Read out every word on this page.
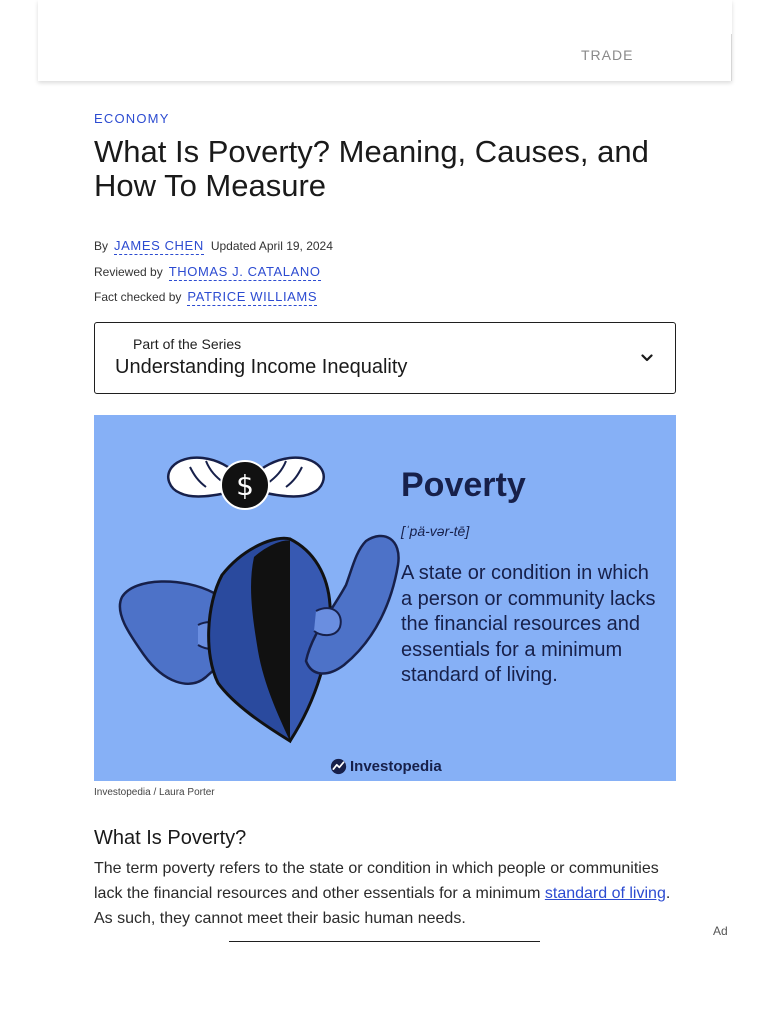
TRADE
ECONOMY
What Is Poverty? Meaning, Causes, and How To Measure
By JAMES CHEN Updated April 19, 2024
Reviewed by THOMAS J. CATALANO
Fact checked by PATRICE WILLIAMS
Part of the Series
Understanding Income Inequality
$	Poverty
[ˈpä-vər-tē]
A state or condition in which a person or community lacks the financial resources and essentials for a minimum standard of living.
Investopedia
Investopedia / Laura Porter
What Is Poverty?

The term poverty refers to the state or condition in which people or communities lack the financial resources and other essentials for a minimum standard of living. As such, they cannot meet their basic human needs.

Ad
